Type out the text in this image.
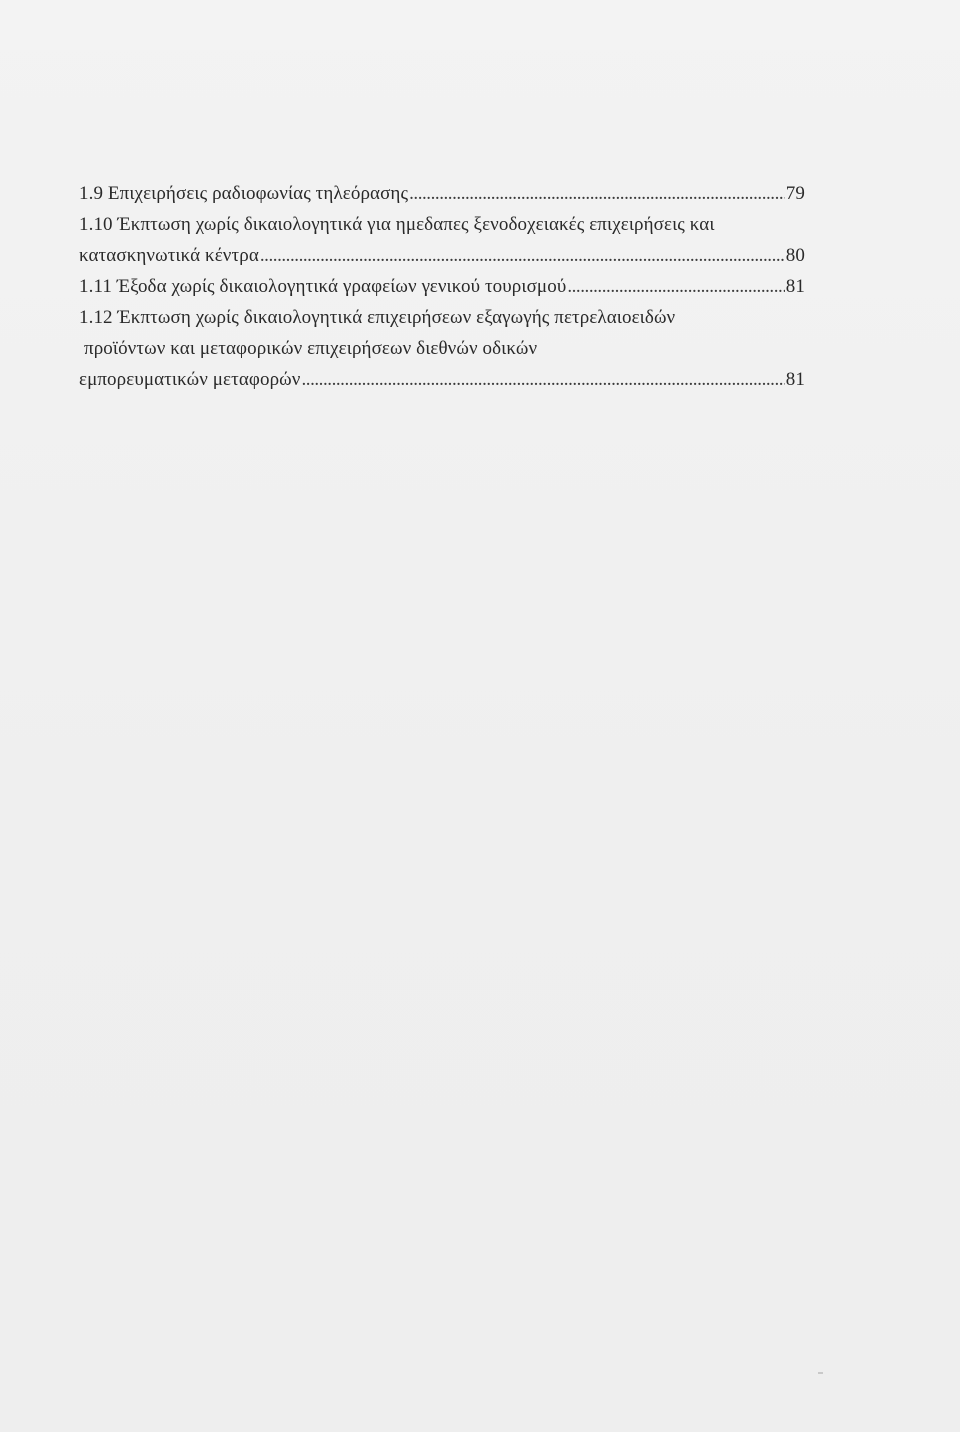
1.9 Επιχειρήσεις ραδιοφωνίας τηλεόρασης . . .	79
1.10 Έκπτωση χωρίς δικαιολογητικά για ημεδαπες ξενοδοχειακές επιχειρήσεις και
κατασκηνωτικά κέντρα . . .	80
1.11 Έξοδα χωρίς δικαιολογητικά γραφείων γενικού τουρισμού . . .	81
1.12 Έκπτωση χωρίς δικαιολογητικά επιχειρήσεων εξαγωγής πετρελαιοειδών
προϊόντων και μεταφορικών επιχειρήσεων διεθνών οδικών
εμπορευματικών μεταφορών . . .	81
